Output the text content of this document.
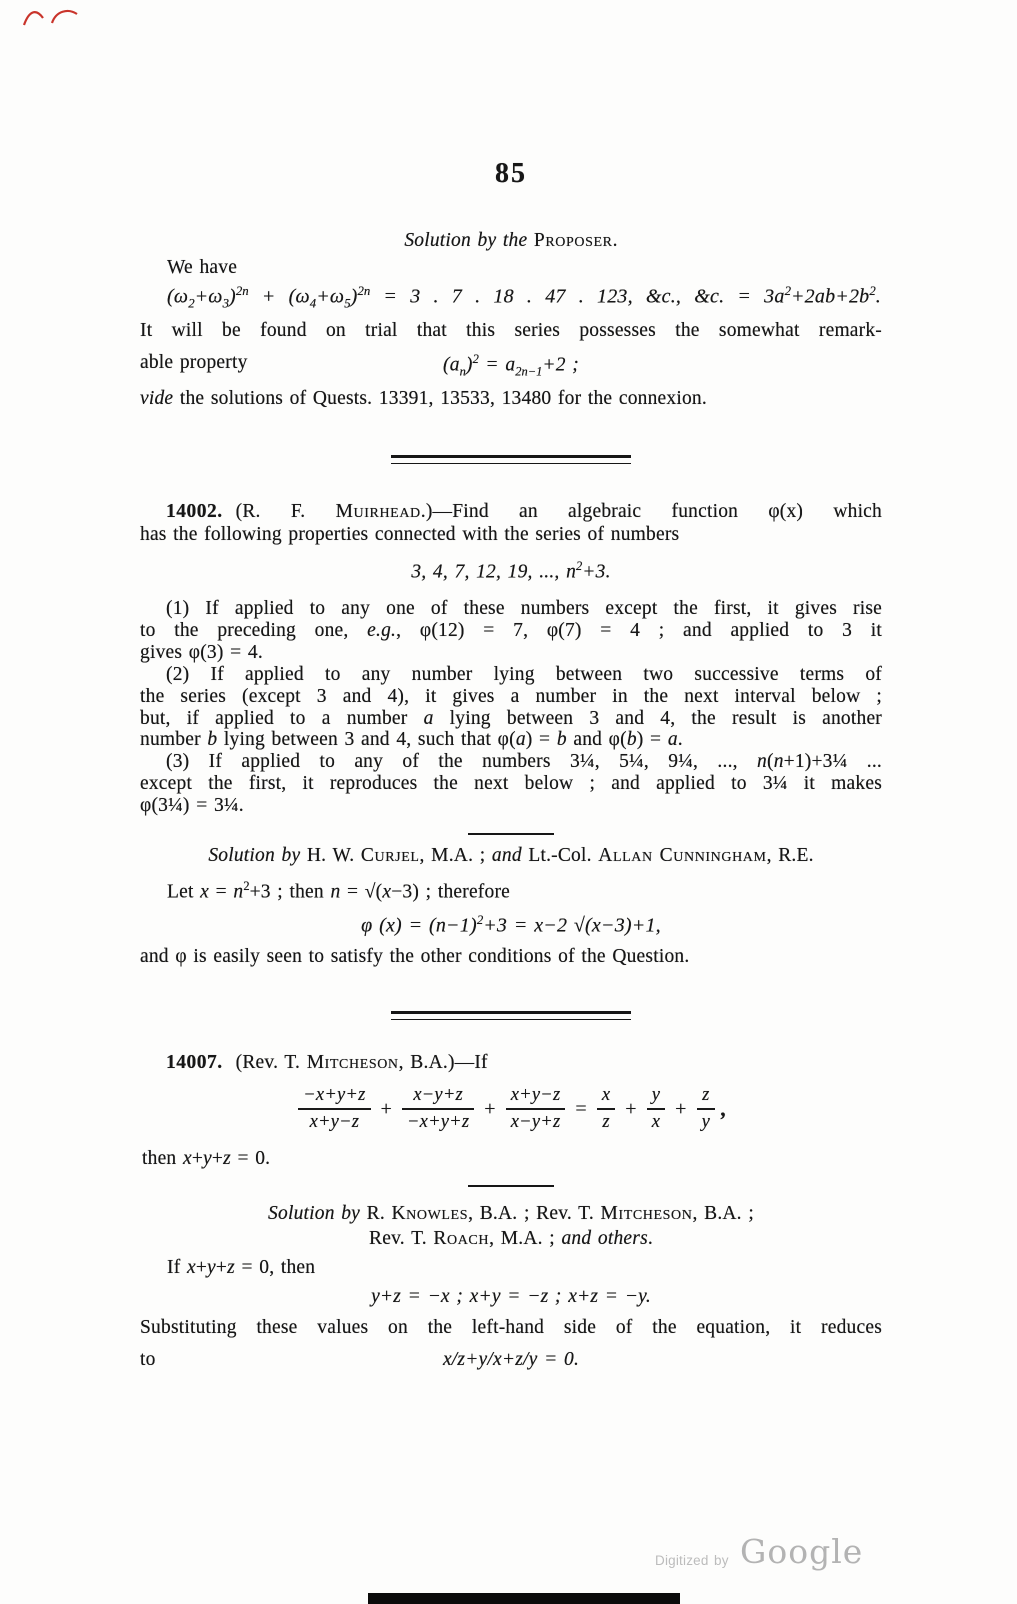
85
Solution by the Proposer.
We have
$(\omega_2+\omega_3)^{2n} + (\omega_4+\omega_5)^{2n} = 3$ . 7 . 18 . 47 . 123, &c., &c. = $3a^2+2ab+2b^2$.
It will be found on trial that this series possesses the somewhat remark-
able property	$(a_n)^2 = a_{2n-1}+2$ ;
vide the solutions of Quests. 13391, 13533, 13480 for the connexion.
14002. (R. F. Muirhead.)—Find an algebraic function φ(x) which
has the following properties connected with the series of numbers
3, 4, 7, 12, 19, ..., $n^2+3$.
(1) If applied to any one of these numbers except the first, it gives rise
to the preceding one, e.g., φ(12) = 7, φ(7) = 4 ; and applied to 3 it
gives φ(3) = 4.
(2) If applied to any number lying between two successive terms of
the series (except 3 and 4), it gives a number in the next interval below ;
but, if applied to a number a lying between 3 and 4, the result is another
number b lying between 3 and 4, such that φ(a) = b and φ(b) = a.
(3) If applied to any of the numbers 3¼, 5¼, 9¼, ..., n(n+1)+3¼ ...
except the first, it reproduces the next below ; and applied to 3¼ it makes
φ(3¼) = 3¼.
Solution by H. W. Curjel, M.A. ; and Lt.-Col. Allan Cunningham, R.E.
Let $x = n^2+3$ ; then n = √(x−3) ; therefore
φ $(x) = (n-1)^2+3 = x-2$ √(x−3)+1,
and φ is easily seen to satisfy the other conditions of the Question.
14007. (Rev. T. Mitcheson, B.A.)—If
$\frac{-x+y+z}{x+y-z} + \frac{x-y+z}{-x+y+z} + \frac{x+y-z}{x-y+z} = \frac{x}{z} + \frac{y}{x} + \frac{z}{y}$ ,
then x+y+z = 0.
Solution by R. Knowles, B.A. ; Rev. T. Mitcheson, B.A. ;
Rev. T. Roach, M.A. ; and others.
If x+y+z = 0, then
y+z = −x ; x+y = −z ; x+z = −y.
Substituting these values on the left-hand side of the equation, it reduces
to	x/z+y/x+z/y = 0.
Digitized by Google
